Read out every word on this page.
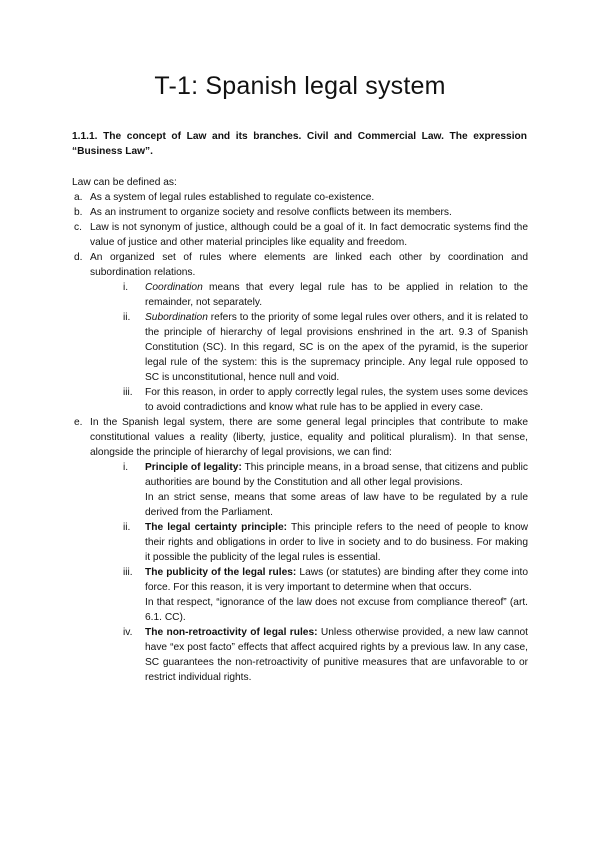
T-1: Spanish legal system

1.1.1. The concept of Law and its branches. Civil and Commercial Law. The expression “Business Law”.

Law can be defined as:

a. As a system of legal rules established to regulate co-existence.
b. As an instrument to organize society and resolve conflicts between its members.
c. Law is not synonym of justice, although could be a goal of it. In fact democratic systems find the value of justice and other material principles like equality and freedom.
d. An organized set of rules where elements are linked each other by coordination and subordination relations.
i.	Coordination means that every legal rule has to be applied in relation to the remainder, not separately.
ii.	Subordination refers to the priority of some legal rules over others, and it is related to the principle of hierarchy of legal provisions enshrined in the art. 9.3 of Spanish Constitution (SC). In this regard, SC is on the apex of the pyramid, is the superior legal rule of the system: this is the supremacy principle. Any legal rule opposed to SC is unconstitutional, hence null and void.
iii.	For this reason, in order to apply correctly legal rules, the system uses some devices to avoid contradictions and know what rule has to be applied in every case.
e. In the Spanish legal system, there are some general legal principles that contribute to make constitutional values a reality (liberty, justice, equality and political pluralism). In that sense, alongside the principle of hierarchy of legal provisions, we can find:
i.	Principle of legality: This principle means, in a broad sense, that citizens and public authorities are bound by the Constitution and all other legal provisions.
In an strict sense, means that some areas of law have to be regulated by a rule derived from the Parliament.
ii.	The legal certainty principle: This principle refers to the need of people to know their rights and obligations in order to live in society and to do business. For making it possible the publicity of the legal rules is essential.
iii.	The publicity of the legal rules: Laws (or statutes) are binding after they come into force. For this reason, it is very important to determine when that occurs.
In that respect, “ignorance of the law does not excuse from compliance thereof” (art. 6.1. CC).
iv.	The non-retroactivity of legal rules: Unless otherwise provided, a new law cannot have “ex post facto” effects that affect acquired rights by a previous law. In any case, SC guarantees the non-retroactivity of punitive measures that are unfavorable to or restrict individual rights.
